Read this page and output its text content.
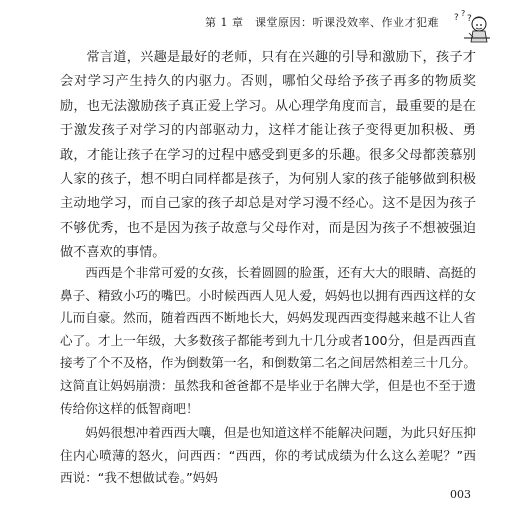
第 1 章　课堂原因：听课没效率、作业才犯难	? ?
?

常言道，兴趣是最好的老师，只有在兴趣的引导和激励下，孩子才会对学习产生持久的内驱力。否则，哪怕父母给予孩子再多的物质奖励，也无法激励孩子真正爱上学习。从心理学角度而言，最重要的是在于激发孩子对学习的内部驱动力，这样才能让孩子变得更加积极、勇敢，才能让孩子在学习的过程中感受到更多的乐趣。很多父母都羡慕别人家的孩子，想不明白同样都是孩子，为何别人家的孩子能够做到积极主动地学习，而自己家的孩子却总是对学习漫不经心。这不是因为孩子不够优秀，也不是因为孩子故意与父母作对，而是因为孩子不想被强迫做不喜欢的事情。

西西是个非常可爱的女孩，长着圆圆的脸蛋，还有大大的眼睛、高挺的鼻子、精致小巧的嘴巴。小时候西西人见人爱，妈妈也以拥有西西这样的女儿而自豪。然而，随着西西不断地长大，妈妈发现西西变得越来越不让人省心了。才上一年级，大多数孩子都能考到九十几分或者100分，但是西西直接考了个不及格，作为倒数第一名，和倒数第二名之间居然相差三十几分。这简直让妈妈崩溃：虽然我和爸爸都不是毕业于名牌大学，但是也不至于遗传给你这样的低智商吧！

妈妈很想冲着西西大嚷，但是也知道这样不能解决问题，为此只好压抑住内心喷薄的怒火，问西西：“西西，你的考试成绩为什么这么差呢？”西西说：“我不想做试卷。”妈妈

003
